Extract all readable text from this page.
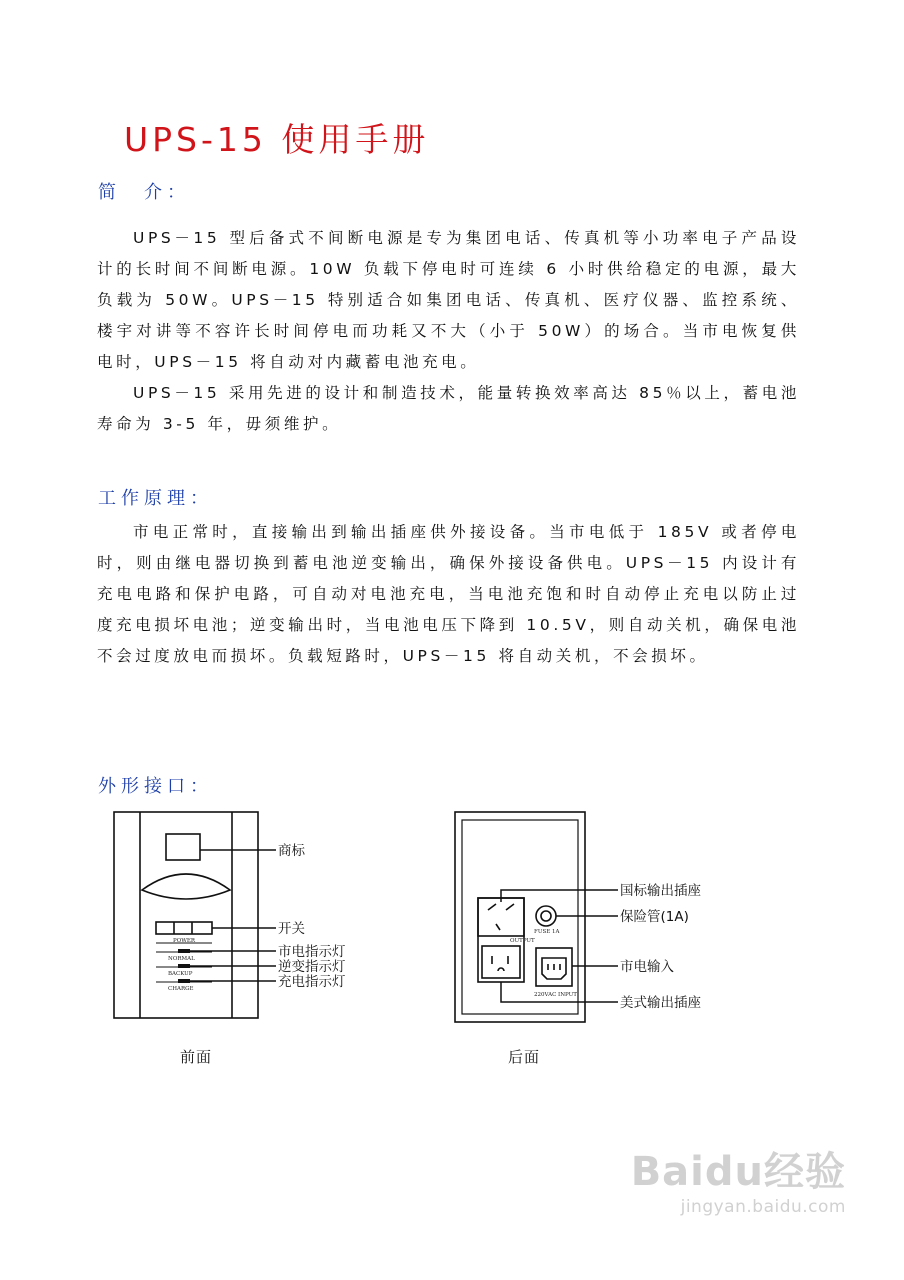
UPS-15 使用手册
简　介：

UPS－15 型后备式不间断电源是专为集团电话、传真机等小功率电子产品设计的长时间不间断电源。10W 负载下停电时可连续 6 小时供给稳定的电源，最大负载为 50W。UPS－15 特别适合如集团电话、传真机、医疗仪器、监控系统、楼宇对讲等不容许长时间停电而功耗又不大（小于 50W）的场合。当市电恢复供电时，UPS－15 将自动对内藏蓄电池充电。

UPS－15 采用先进的设计和制造技术，能量转换效率高达 85％以上，蓄电池寿命为 3-5 年，毋须维护。

工作原理：

市电正常时，直接输出到输出插座供外接设备。当市电低于 185V 或者停电时，则由继电器切换到蓄电池逆变输出，确保外接设备供电。UPS－15 内设计有充电电路和保护电路，可自动对电池充电，当电池充饱和时自动停止充电以防止过度充电损坏电池；逆变输出时，当电池电压下降到 10.5V，则自动关机，确保电池不会过度放电而损坏。负载短路时，UPS－15 将自动关机，不会损坏。

外形接口：
POWER
NORMAL
BACKUP
CHARGE
商标
开关
市电指示灯
逆变指示灯
充电指示灯
前面
FUSE 1A
OUTPUT
220VAC INPUT
国标输出插座
保险管(1A)
市电输入
美式输出插座
后面
Baidu经验
jingyan.baidu.com
